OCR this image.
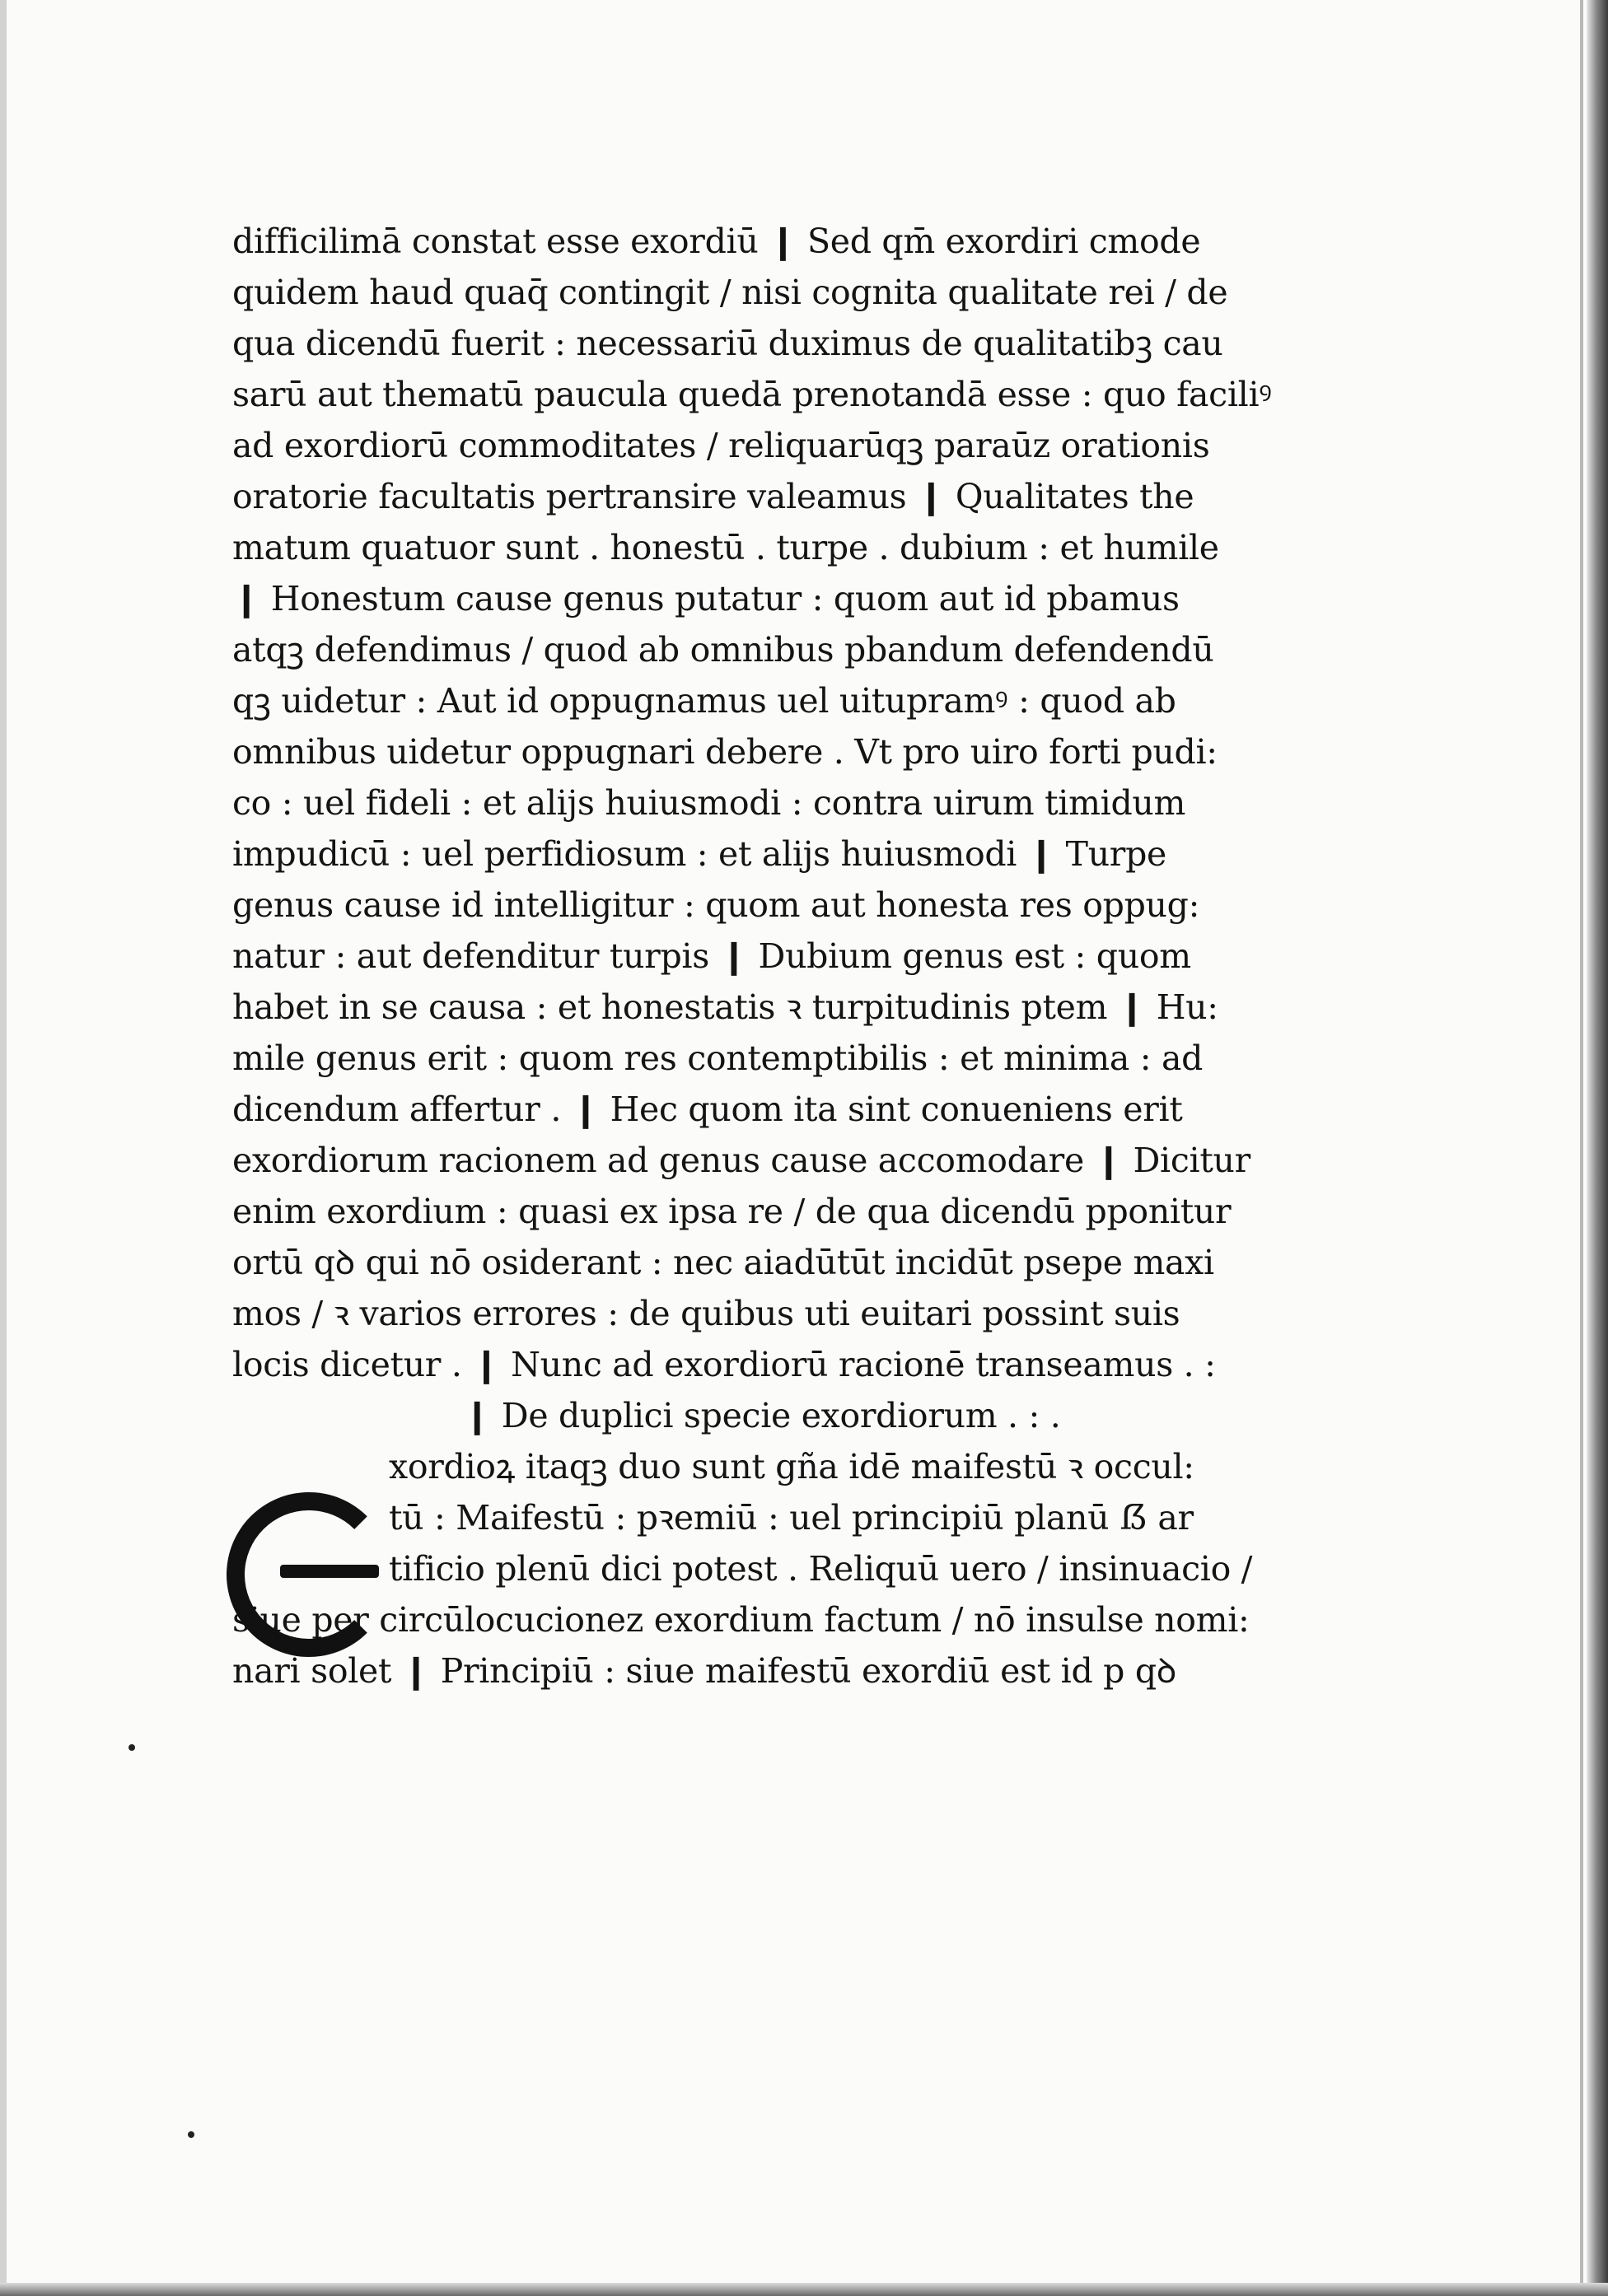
difficilimā constat esse exordiū ❙ Sed qm̄ exordiri cmode
quidem haud quaq̄ contingit / nisi cognita qualitate rei / de
qua dicendū fuerit : necessariū duximus de qualitatibꝫ cau
sarū aut thematū paucula quedā prenotandā esse : quo faciliꝰ
ad exordiorū commoditates / reliquarūqꝫ paraūz orationis
oratorie facultatis pertransire valeamus ❙ Qualitates the
matum quatuor sunt . honestū . turpe . dubium : et humile
❙ Honestum cause genus putatur : quom aut id pbamus
atqꝫ defendimus / quod ab omnibus pbandum defendendū
qꝫ uidetur : Aut id oppugnamus uel uitupramꝰ : quod ab
omnibus uidetur oppugnari debere . Vt pro uiro forti pudi:
co : uel fideli : et alijs huiusmodi : contra uirum timidum
impudicū : uel perfidiosum : et alijs huiusmodi ❙ Turpe
genus cause id intelligitur : quom aut honesta res oppug:
natur : aut defenditur turpis ❙ Dubium genus est : quom
habet in se causa : et honestatis ꝛ turpitudinis ptem ❙ Hu:
mile genus erit : quom res contemptibilis : et minima : ad
dicendum affertur . ❙ Hec quom ita sint conueniens erit
exordiorum racionem ad genus cause accomodare ❙ Dicitur
enim exordium : quasi ex ipsa re / de qua dicendū pponitur
ortū qꝺ qui nō osiderant : nec aiadūtūt incidūt psepe maxi
mos / ꝛ varios errores : de quibus uti euitari possint suis
locis dicetur . ❙ Nunc ad exordiorū racionē transeamus . :
❙ De duplici specie exordiorum . : .
xordioꝝ itaqꝫ duo sunt gña idē maifestū ꝛ occul:
tū : Maifestū : pꝛemiū : uel principiū planū ẞ ar
tificio plenū dici potest . Reliquū uero / insinuacio /
siue per circūlocucionez exordium factum / nō insulse nomi:
nari solet ❙ Principiū : siue maifestū exordiū est id p qꝺ
